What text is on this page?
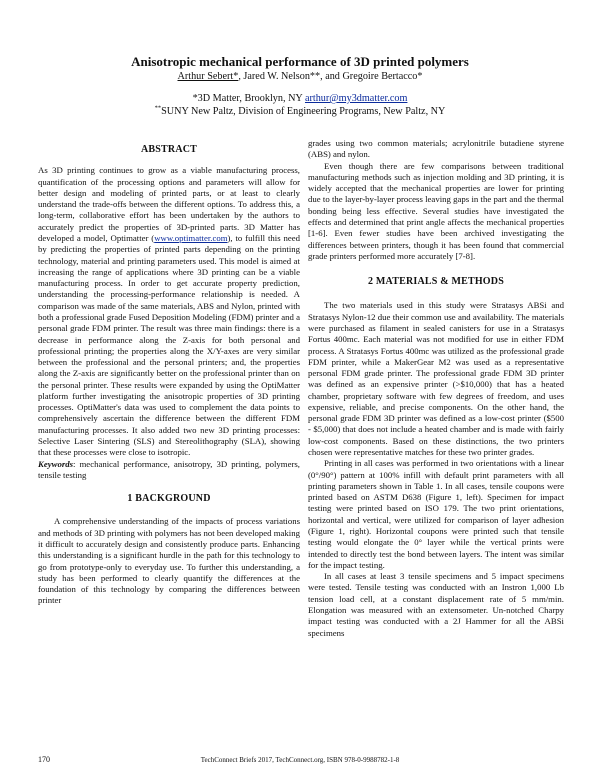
Anisotropic mechanical performance of 3D printed polymers
Arthur Sebert*, Jared W. Nelson**, and Gregoire Bertacco*
*3D Matter, Brooklyn, NY arthur@my3dmatter.com
**SUNY New Paltz, Division of Engineering Programs, New Paltz, NY
ABSTRACT

As 3D printing continues to grow as a viable manufacturing process, quantification of the processing options and parameters will allow for better design and modeling of printed parts, or at least to clearly understand the trade-offs between the different options. To address this, a long-term, collaborative effort has been undertaken by the authors to accurately predict the properties of 3D-printed parts. 3D Matter has developed a model, Optimatter (www.optimatter.com), to fulfill this need by predicting the properties of printed parts depending on the printing technology, material and printing parameters used. This model is aimed at increasing the range of applications where 3D printing can be a viable manufacturing process. In order to get accurate property prediction, understanding the processing-performance relationship is needed. A comparison was made of the same materials, ABS and Nylon, printed with both a professional grade Fused Deposition Modeling (FDM) printer and a personal grade FDM printer. The result was three main findings: there is a decrease in performance along the Z-axis for both personal and professional printing; the properties along the X/Y-axes are very similar between the professional and the personal printers; and, the properties along the Z-axis are significantly better on the professional printer than on the personal printer. These results were expanded by using the OptiMatter platform further investigating the anisotropic properties of 3D printing processes. OptiMatter's data was used to complement the data points to comprehensively ascertain the difference between the different FDM manufacturing processes. It also added two new 3D printing processes: Selective Laser Sintering (SLS) and Stereolithography (SLA), showing that these processes were close to isotropic.

Keywords: mechanical performance, anisotropy, 3D printing, polymers, tensile testing

1 BACKGROUND

A comprehensive understanding of the impacts of process variations and methods of 3D printing with polymers has not been developed making it difficult to accurately design and consistently produce parts. Enhancing this understanding is a significant hurdle in the path for this technology to go from prototype-only to everyday use. To further this understanding, a study has been performed to clearly quantify the differences at the foundation of this technology by comparing the differences between printer

grades using two common materials; acrylonitrile butadiene styrene (ABS) and nylon.

Even though there are few comparisons between traditional manufacturing methods such as injection molding and 3D printing, it is widely accepted that the mechanical properties are lower for printing due to the layer-by-layer process leaving gaps in the part and the thermal bonding being less effective. Several studies have investigated the effects and determined that print angle affects the mechanical properties [1-6]. Even fewer studies have been archived investigating the differences between printers, though it has been found that commercial grade printers performed more accurately [7-8].

2 MATERIALS & METHODS

The two materials used in this study were Stratasys ABSi and Stratasys Nylon-12 due their common use and availability. The materials were purchased as filament in sealed canisters for use in a Stratasys Fortus 400mc. Each material was not modified for use in either FDM process. A Stratasys Fortus 400mc was utilized as the professional grade FDM printer, while a MakerGear M2 was used as a representative personal FDM grade printer. The professional grade FDM 3D printer was defined as an expensive printer (>$10,000) that has a heated chamber, proprietary software with few degrees of freedom, and uses expensive, reliable, and precise components. On the other hand, the personal grade FDM 3D printer was defined as a low-cost printer ($500 - $5,000) that does not include a heated chamber and is made with fairly low-cost components. Based on these distinctions, the two printers chosen were representative matches for these two printer grades.

Printing in all cases was performed in two orientations with a linear (0°/90°) pattern at 100% infill with default print parameters with all printing parameters shown in Table 1. In all cases, tensile coupons were printed based on ASTM D638 (Figure 1, left). Specimen for impact testing were printed based on ISO 179. The two print orientations, horizontal and vertical, were utilized for comparison of layer adhesion (Figure 1, right). Horizontal coupons were printed such that tensile testing would elongate the 0° layer while the vertical prints were intended to directly test the bond between layers. The intent was similar for the impact testing.

In all cases at least 3 tensile specimens and 5 impact specimens were tested. Tensile testing was conducted with an Instron 1,000 Lb tension load cell, at a constant displacement rate of 5 mm/min. Elongation was measured with an extensometer. Un-notched Charpy impact testing was conducted with a 2J Hammer for all the ABSi specimens

170	TechConnect Briefs 2017, TechConnect.org, ISBN 978-0-9988782-1-8
